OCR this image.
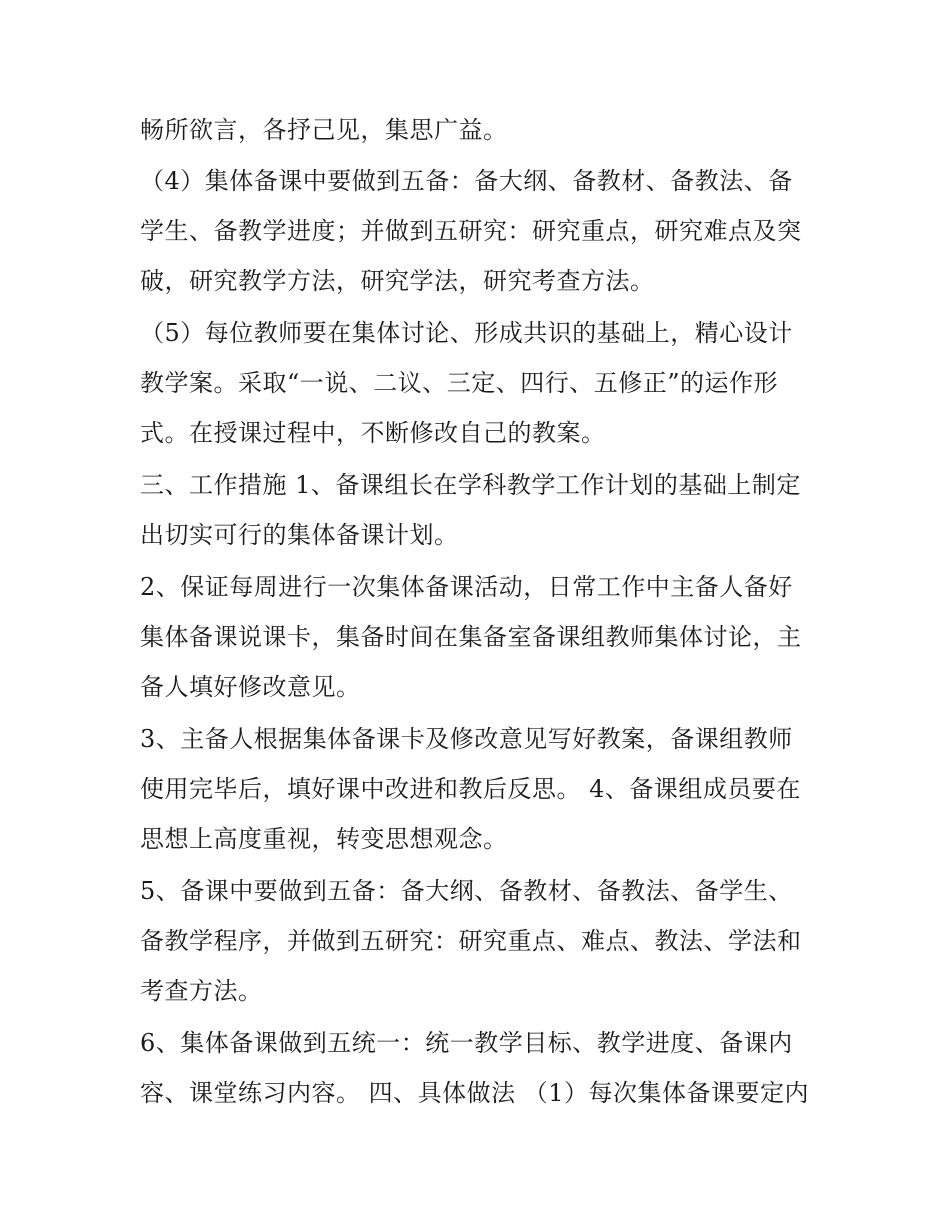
畅所欲言，各抒己见，集思广益。
（4）集体备课中要做到五备：备大纲、备教材、备教法、备
学生、备教学进度；并做到五研究：研究重点，研究难点及突
破，研究教学方法，研究学法，研究考查方法。
（5）每位教师要在集体讨论、形成共识的基础上，精心设计
教学案。采取“一说、二议、三定、四行、五修正”的运作形
式。在授课过程中，不断修改自己的教案。
三、工作措施 1、备课组长在学科教学工作计划的基础上制定
出切实可行的集体备课计划。
2、保证每周进行一次集体备课活动，日常工作中主备人备好
集体备课说课卡，集备时间在集备室备课组教师集体讨论，主
备人填好修改意见。
3、主备人根据集体备课卡及修改意见写好教案，备课组教师
使用完毕后，填好课中改进和教后反思。 4、备课组成员要在
思想上高度重视，转变思想观念。
5、备课中要做到五备：备大纲、备教材、备教法、备学生、
备教学程序，并做到五研究：研究重点、难点、教法、学法和
考查方法。
6、集体备课做到五统一：统一教学目标、教学进度、备课内
容、课堂练习内容。 四、具体做法 （1）每次集体备课要定内
